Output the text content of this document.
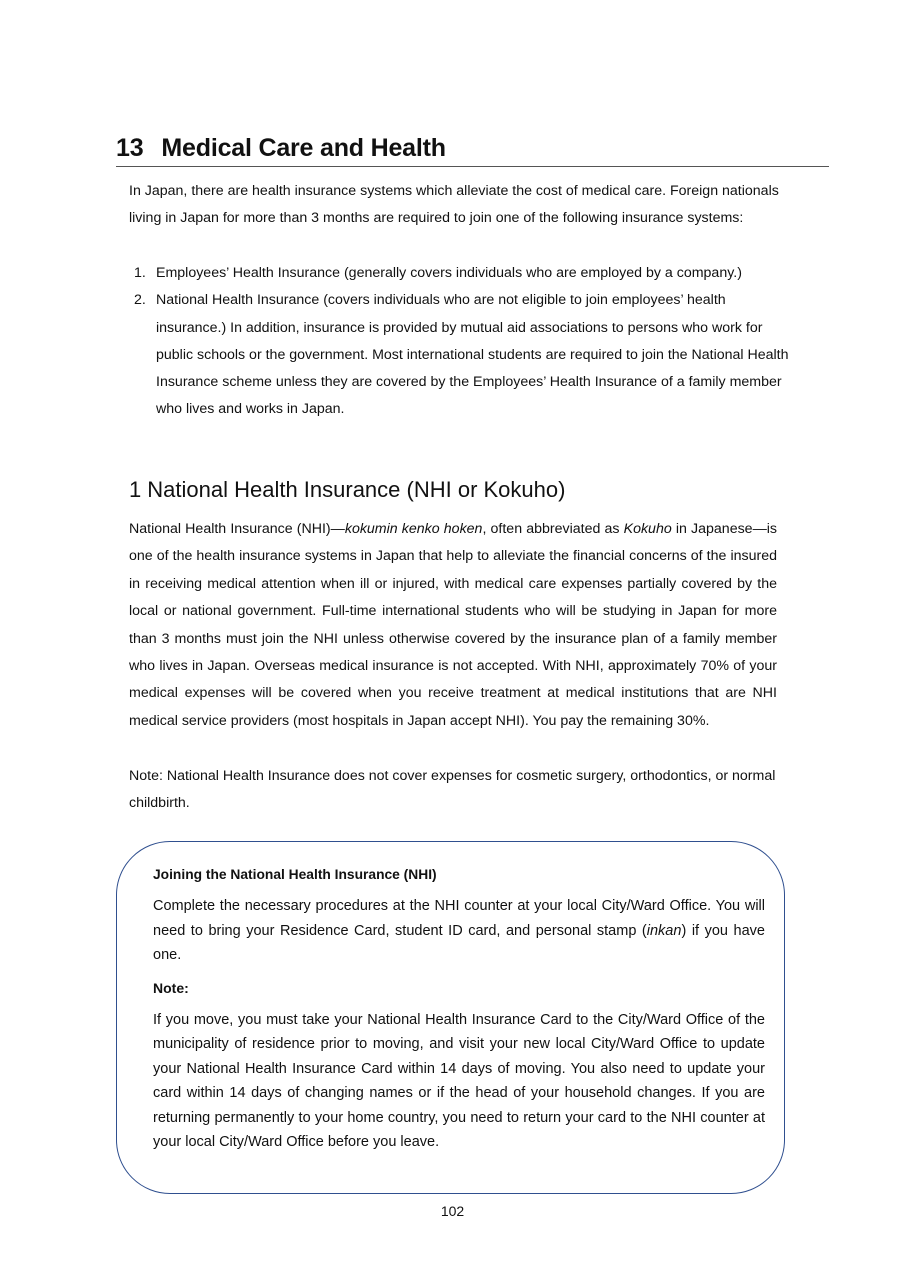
13 Medical Care and Health

In Japan, there are health insurance systems which alleviate the cost of medical care. Foreign nationals living in Japan for more than 3 months are required to join one of the following insurance systems:

1. Employees’ Health Insurance (generally covers individuals who are employed by a company.)
2. National Health Insurance (covers individuals who are not eligible to join employees’ health insurance.) In addition, insurance is provided by mutual aid associations to persons who work for public schools or the government. Most international students are required to join the National Health Insurance scheme unless they are covered by the Employees’ Health Insurance of a family member who lives and works in Japan.
1 National Health Insurance (NHI or Kokuho)

National Health Insurance (NHI)—kokumin kenko hoken, often abbreviated as Kokuho in Japanese—is one of the health insurance systems in Japan that help to alleviate the financial concerns of the insured in receiving medical attention when ill or injured, with medical care expenses partially covered by the local or national government. Full-time international students who will be studying in Japan for more than 3 months must join the NHI unless otherwise covered by the insurance plan of a family member who lives in Japan. Overseas medical insurance is not accepted. With NHI, approximately 70% of your medical expenses will be covered when you receive treatment at medical institutions that are NHI medical service providers (most hospitals in Japan accept NHI). You pay the remaining 30%.

Note: National Health Insurance does not cover expenses for cosmetic surgery, orthodontics, or normal childbirth.

Joining the National Health Insurance (NHI)

Complete the necessary procedures at the NHI counter at your local City/Ward Office. You will need to bring your Residence Card, student ID card, and personal stamp (inkan) if you have one.

Note:

If you move, you must take your National Health Insurance Card to the City/Ward Office of the municipality of residence prior to moving, and visit your new local City/Ward Office to update your National Health Insurance Card within 14 days of moving. You also need to update your card within 14 days of changing names or if the head of your household changes. If you are returning permanently to your home country, you need to return your card to the NHI counter at your local City/Ward Office before you leave.

102
